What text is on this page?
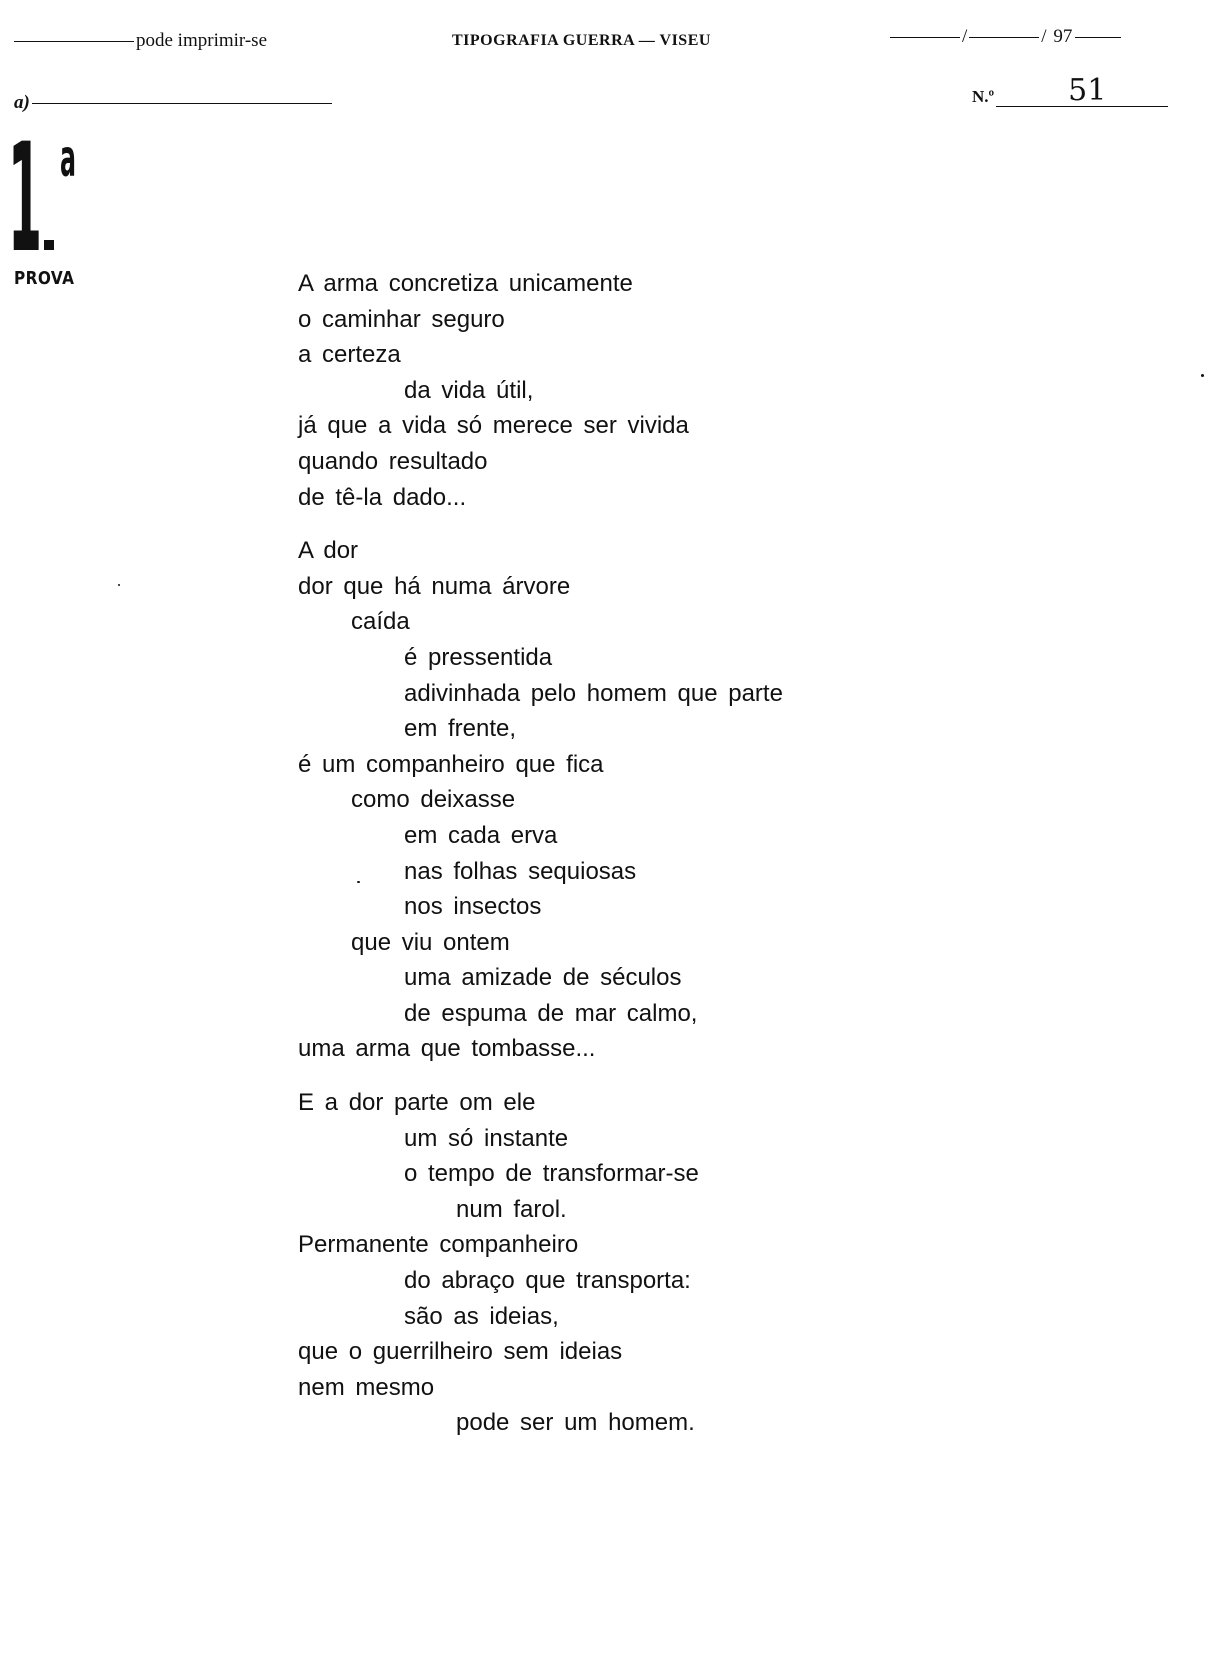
pode imprimir-se	TIPOGRAFIA GUERRA — VISEU	/	/ 97
a)	N.º 51
1 a
PROVA	A arma concretiza unicamente
o caminhar seguro
a certeza
da vida útil,
já que a vida só merece ser vivida
quando resultado
de tê-la dado...
A dor
dor que há numa árvore
caída
é pressentida
adivinhada pelo homem que parte
em frente,
é um companheiro que fica
como deixasse
em cada erva
nas folhas sequiosas
nos insectos
que viu ontem
uma amizade de séculos
de espuma de mar calmo,
uma arma que tombasse...
E a dor parte om ele
um só instante
o tempo de transformar-se
num farol.
Permanente companheiro
do abraço que transporta:
são as ideias,
que o guerrilheiro sem ideias
nem mesmo
pode ser um homem.
